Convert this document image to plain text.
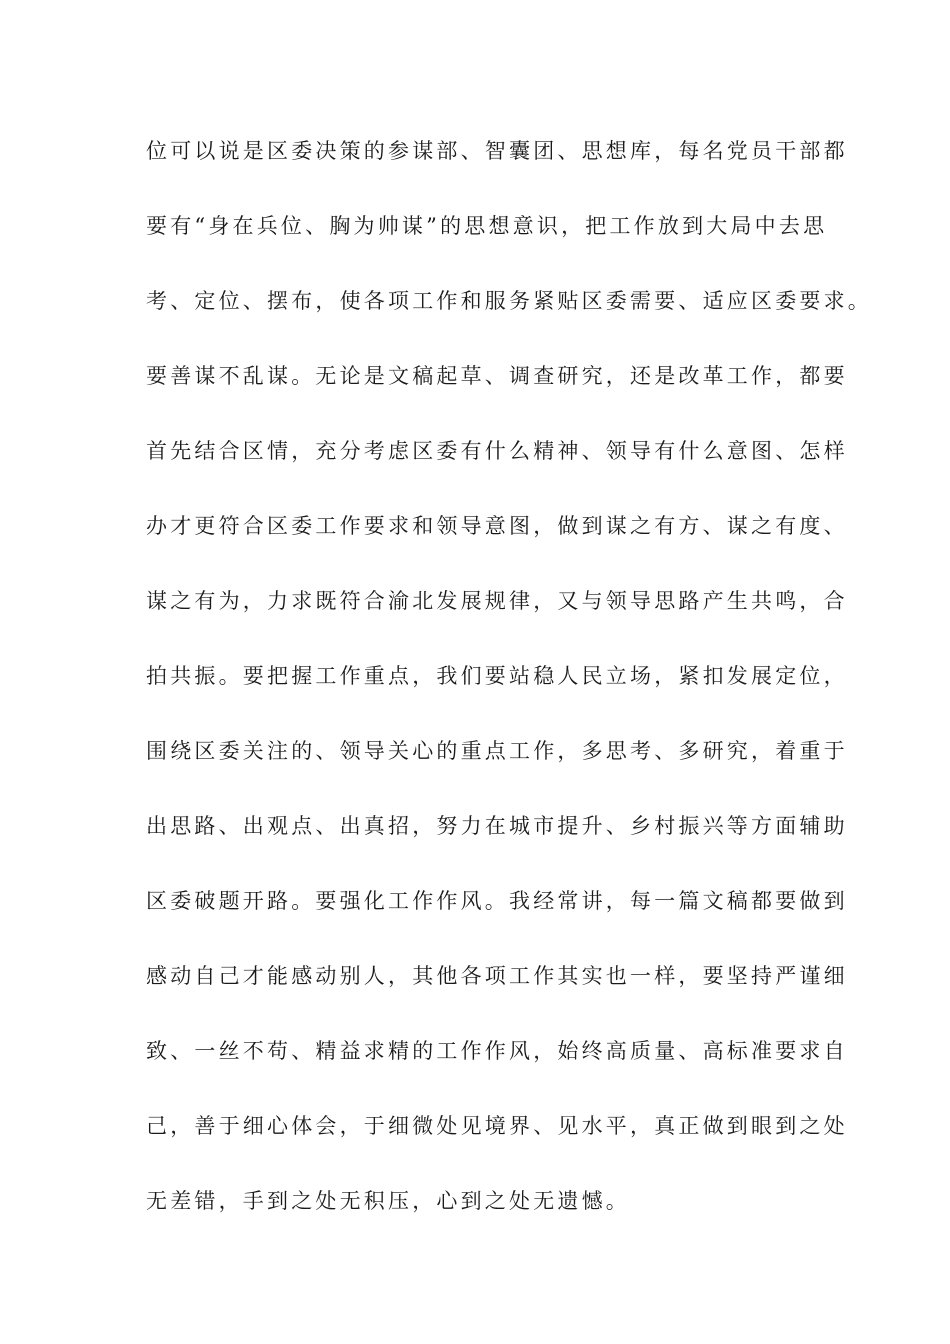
位可以说是区委决策的参谋部、智囊团、思想库，每名党员干部都
要有“身在兵位、胸为帅谋”的思想意识，把工作放到大局中去思
考、定位、摆布，使各项工作和服务紧贴区委需要、适应区委要求。
要善谋不乱谋。无论是文稿起草、调查研究，还是改革工作，都要
首先结合区情，充分考虑区委有什么精神、领导有什么意图、怎样
办才更符合区委工作要求和领导意图，做到谋之有方、谋之有度、
谋之有为，力求既符合渝北发展规律，又与领导思路产生共鸣，合
拍共振。要把握工作重点，我们要站稳人民立场，紧扣发展定位，
围绕区委关注的、领导关心的重点工作，多思考、多研究，着重于
出思路、出观点、出真招，努力在城市提升、乡村振兴等方面辅助
区委破题开路。要强化工作作风。我经常讲，每一篇文稿都要做到
感动自己才能感动别人，其他各项工作其实也一样，要坚持严谨细
致、一丝不苟、精益求精的工作作风，始终高质量、高标准要求自
己，善于细心体会，于细微处见境界、见水平，真正做到眼到之处
无差错，手到之处无积压，心到之处无遗憾。
